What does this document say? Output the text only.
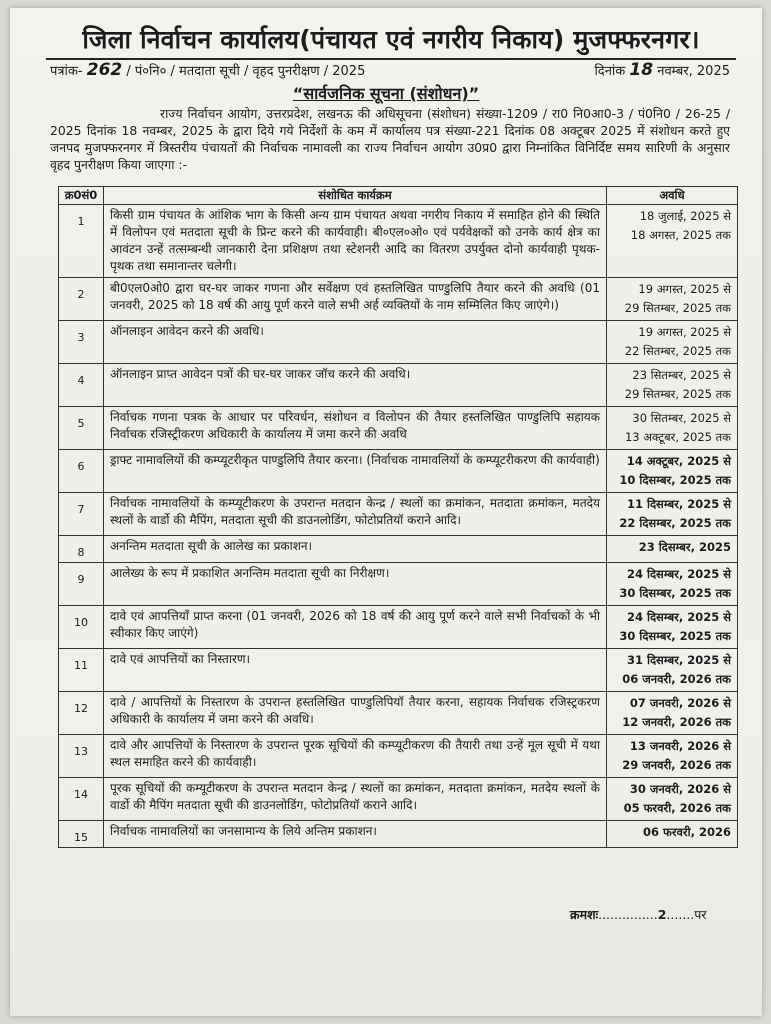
जिला निर्वाचन कार्यालय(पंचायत एवं नगरीय निकाय) मुजफ्फरनगर।
पत्रांक- 262 / पं०नि० / मतदाता सूची / वृहद पुनरीक्षण / 2025	दिनांक 18 नवम्बर, 2025
“सार्वजनिक सूचना (संशोधन)”
राज्य निर्वाचन आयोग, उत्तरप्रदेश, लखनऊ की अधिसूचना (संशोधन) संख्या-1209 / रा0 नि0आ0-3 / पं0नि0 / 26-25 / 2025 दिनांक 18 नवम्बर, 2025 के द्वारा दिये गये निर्देशों के कम में कार्यालय पत्र संख्या-221 दिनांक 08 अक्टूबर 2025 में संशोधन करते हुए जनपद मुजफ्फरनगर में त्रिस्तरीय पंचायतों की निर्वाचक नामावली का राज्य निर्वाचन आयोग उ0प्र0 द्वारा निम्नांकित विनिर्दिष्ट समय सारिणी के अनुसार वृहद पुनरीक्षण किया जाएगा :-
क्र0सं0	संशोधित कार्यक्रम	अवधि
1	किसी ग्राम पंचायत के आंशिक भाग के किसी अन्य ग्राम पंचायत अथवा नगरीय निकाय में समाहित होने की स्थिति में विलोपन एवं मतदाता सूची के प्रिन्ट करने की कार्यवाही। बी०एल०ओ० एवं पर्यवेक्षकों को उनके कार्य क्षेत्र का आवंटन उन्हें तत्सम्बन्धी जानकारी देना प्रशिक्षण तथा स्टेशनरी आदि का वितरण उपर्युक्त दोनो कार्यवाही पृथक-पृथक तथा समानान्तर चलेगी।	18 जुलाई, 2025 से
18 अगस्त, 2025 तक

2	बी0एल0ओ0 द्वारा घर-घर जाकर गणना और सर्वेक्षण एवं हस्तलिखित पाण्डुलिपि तैयार करने की अवधि (01 जनवरी, 2025 को 18 वर्ष की आयु पूर्ण करने वाले सभी अर्ह व्यक्तियों के नाम सम्मिलित किए जाएंगे।)	19 अगस्त, 2025 से
29 सितम्बर, 2025 तक

3	ऑनलाइन आवेदन करने की अवधि।	19 अगस्त, 2025 से
22 सितम्बर, 2025 तक

4	ऑनलाइन प्राप्त आवेदन पत्रों की घर-घर जाकर जॉच करने की अवधि।	23 सितम्बर, 2025 से
29 सितम्बर, 2025 तक

5	निर्वाचक गणना पत्रक के आधार पर परिवर्धन, संशोधन व विलोपन की तैयार हस्तलिखित पाण्डुलिपि सहायक निर्वाचक रजिस्ट्रीकरण अधिकारी के कार्यालय में जमा करने की अवधि	30 सितम्बर, 2025 से
13 अक्टूबर, 2025 तक

6	ड्राफ्ट नामावलियों की कम्प्यूटरीकृत पाण्डुलिपि तैयार करना। (निर्वाचक नामावलियों के कम्प्यूटरीकरण की कार्यवाही)	14 अक्टूबर, 2025 से
10 दिसम्बर, 2025 तक

7	निर्वाचक नामावलियों के कम्प्यूटीकरण के उपरान्त मतदान केन्द्र / स्थलों का क्रमांकन, मतदाता क्रमांकन, मतदेय स्थलों के वार्डो की मैपिंग, मतदाता सूची की डाउनलोडिंग, फोटोप्रतियॉ कराने आदि।	11 दिसम्बर, 2025 से
22 दिसम्बर, 2025 तक

8	अनन्तिम मतदाता सूची के आलेख का प्रकाशन।	23 दिसम्बर, 2025

9	आलेख्य के रूप में प्रकाशित अनन्तिम मतदाता सूची का निरीक्षण।	24 दिसम्बर, 2025 से
30 दिसम्बर, 2025 तक

10	दावे एवं आपत्तियाँ प्राप्त करना (01 जनवरी, 2026 को 18 वर्ष की आयु पूर्ण करने वाले सभी निर्वाचकों के भी स्वीकार किए जाएंगे)	24 दिसम्बर, 2025 से
30 दिसम्बर, 2025 तक

11	दावे एवं आपत्तियों का निस्तारण।	31 दिसम्बर, 2025 से
06 जनवरी, 2026 तक

12	दावे / आपत्तियों के निस्तारण के उपरान्त हस्तलिखित पाण्डुलिपियॉ तैयार करना, सहायक निर्वाचक रजिस्ट्रकरण अधिकारी के कार्यालय में जमा करने की अवधि।	07 जनवरी, 2026 से
12 जनवरी, 2026 तक

13	दावे और आपत्तियों के निस्तारण के उपरान्त पूरक सूचियों की कम्प्यूटीकरण की तैयारी तथा उन्हें मूल सूची में यथा स्थल समाहित करने की कार्यवाही।	13 जनवरी, 2026 से
29 जनवरी, 2026 तक

14	पूरक सूचियों की कम्यूटीकरण के उपरान्त मतदान केन्द्र / स्थलों का क्रमांकन, मतदाता क्रमांकन, मतदेय स्थलों के वार्डो की मैपिंग मतदाता सूची की डाउनलोडिंग, फोटोप्रतियॉ कराने आदि।	30 जनवरी, 2026 से
05 फरवरी, 2026 तक

15	निर्वाचक नामावलियों का जनसामान्य के लिये अन्तिम प्रकाशन।	06 फरवरी, 2026
क्रमशः...............2.......पर
